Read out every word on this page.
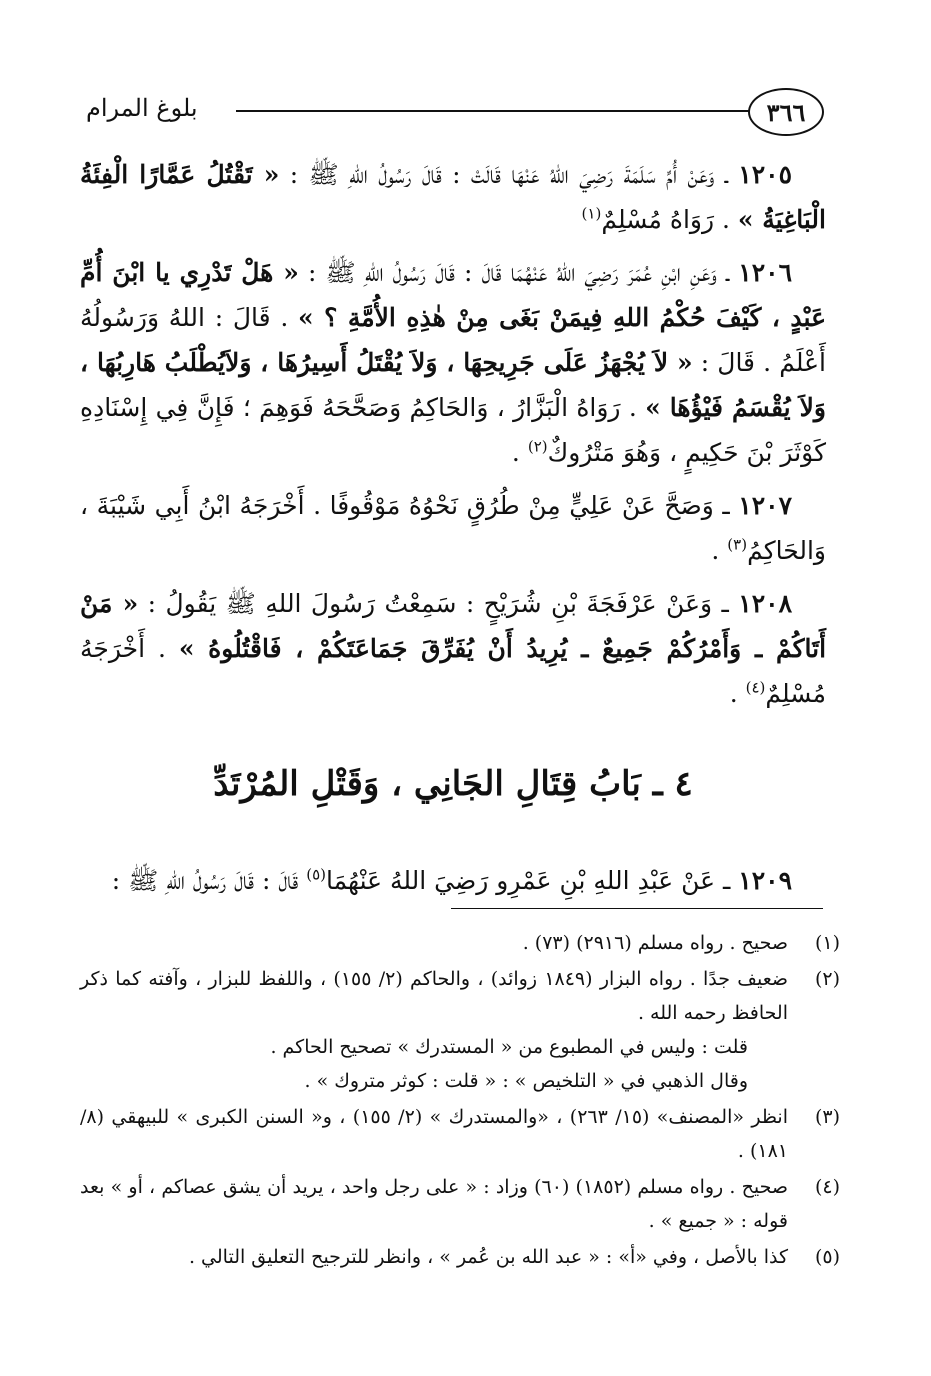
٣٦٦
بلوغ المرام

١٢٠٥ ـ وَعَنْ أُمِّ سَلَمَةَ رَضِيَ اللهُ عَنْهَا قَالَتْ : قَالَ رَسُولُ اللهِ ﷺ : « تَقْتُلُ عَمَّارًا الْفِئَةُ الْبَاغِيَةُ » . رَوَاهُ مُسْلِمٌ$^{(١)}$

١٢٠٦ ـ وَعَنِ ابْنِ عُمَرَ رَضِيَ اللهُ عَنْهُمَا قَالَ : قَالَ رَسُولُ اللهِ ﷺ : « هَلْ تَدْرِي يا ابْنَ أُمِّ عَبْدٍ ، كَيْفَ حُكْمُ اللهِ فِيمَنْ بَغَى مِنْ هٰذِهِ الأُمَّةِ ؟ » . قَالَ : اللهُ وَرَسُولُهُ أَعْلَمُ . قَالَ : « لاَ يُجْهَزُ عَلَى جَرِيحِهَا ، وَلاَ يُقْتَلُ أَسِيرُهَا ، وَلاَيُطْلَبُ هَارِبُهَا ، وَلاَ يُقْسَمُ فَيْؤُهَا » . رَوَاهُ الْبَزَّارُ ، وَالحَاكِمُ وَصَحَّحَهُ فَوَهِمَ ؛ فَإِنَّ فِي إِسْنَادِهِ كَوْثَرَ بْنَ حَكِيمٍ ، وَهُوَ مَتْرُوكٌ$^{(٢)}$ .

١٢٠٧ ـ وَصَحَّ عَنْ عَلِيٍّ مِنْ طُرُقٍ نَحْوُهُ مَوْقُوفًا . أَخْرَجَهُ ابْنُ أَبِي شَيْبَةَ ، وَالحَاكِمُ$^{(٣)}$ .

١٢٠٨ ـ وَعَنْ عَرْفَجَةَ بْنِ شُرَيْحٍ : سَمِعْتُ رَسُولَ اللهِ ﷺ يَقُولُ : « مَنْ أَتَاكُمْ ـ وَأَمْرُكُمْ جَمِيعٌ ـ يُرِيدُ أَنْ يُفَرِّقَ جَمَاعَتَكُمْ ، فَاقْتُلُوهُ » . أَخْرَجَهُ مُسْلِمٌ$^{(٤)}$ .

٤ ـ بَابُ قِتَالِ الجَانِي ، وَقَتْلِ المُرْتَدِّ

١٢٠٩ ـ عَنْ عَبْدِ اللهِ بْنِ عَمْرِو رَضِيَ اللهُ عَنْهُمَا$^{(٥)}$ قَالَ : قَالَ رَسُولُ اللهِ ﷺ :

(١)
صحيح . رواه مسلم (٢٩١٦) (٧٣) .
(٢)
ضعيف جدًا . رواه البزار (١٨٤٩ زوائد) ، والحاكم (٢/ ١٥٥) ، واللفظ للبزار ، وآفته كما ذكر الحافظ رحمه الله .
قلت : وليس في المطبوع من « المستدرك » تصحيح الحاكم .
وقال الذهبي في « التلخيص » : « قلت : كوثر متروك » .
(٣)
انظر «المصنف» (١٥/ ٢٦٣) ، «والمستدرك » (٢/ ١٥٥) ، و« السنن الكبرى » للبيهقي (٨/ ١٨١) .
(٤)
صحيح . رواه مسلم (١٨٥٢) (٦٠) وزاد : « على رجل واحد ، يريد أن يشق عصاكم ، أو » بعد قوله : « جميع » .
(٥)
كذا بالأصل ، وفي «أ» : « عبد الله بن عُمر » ، وانظر للترجيح التعليق التالي .
